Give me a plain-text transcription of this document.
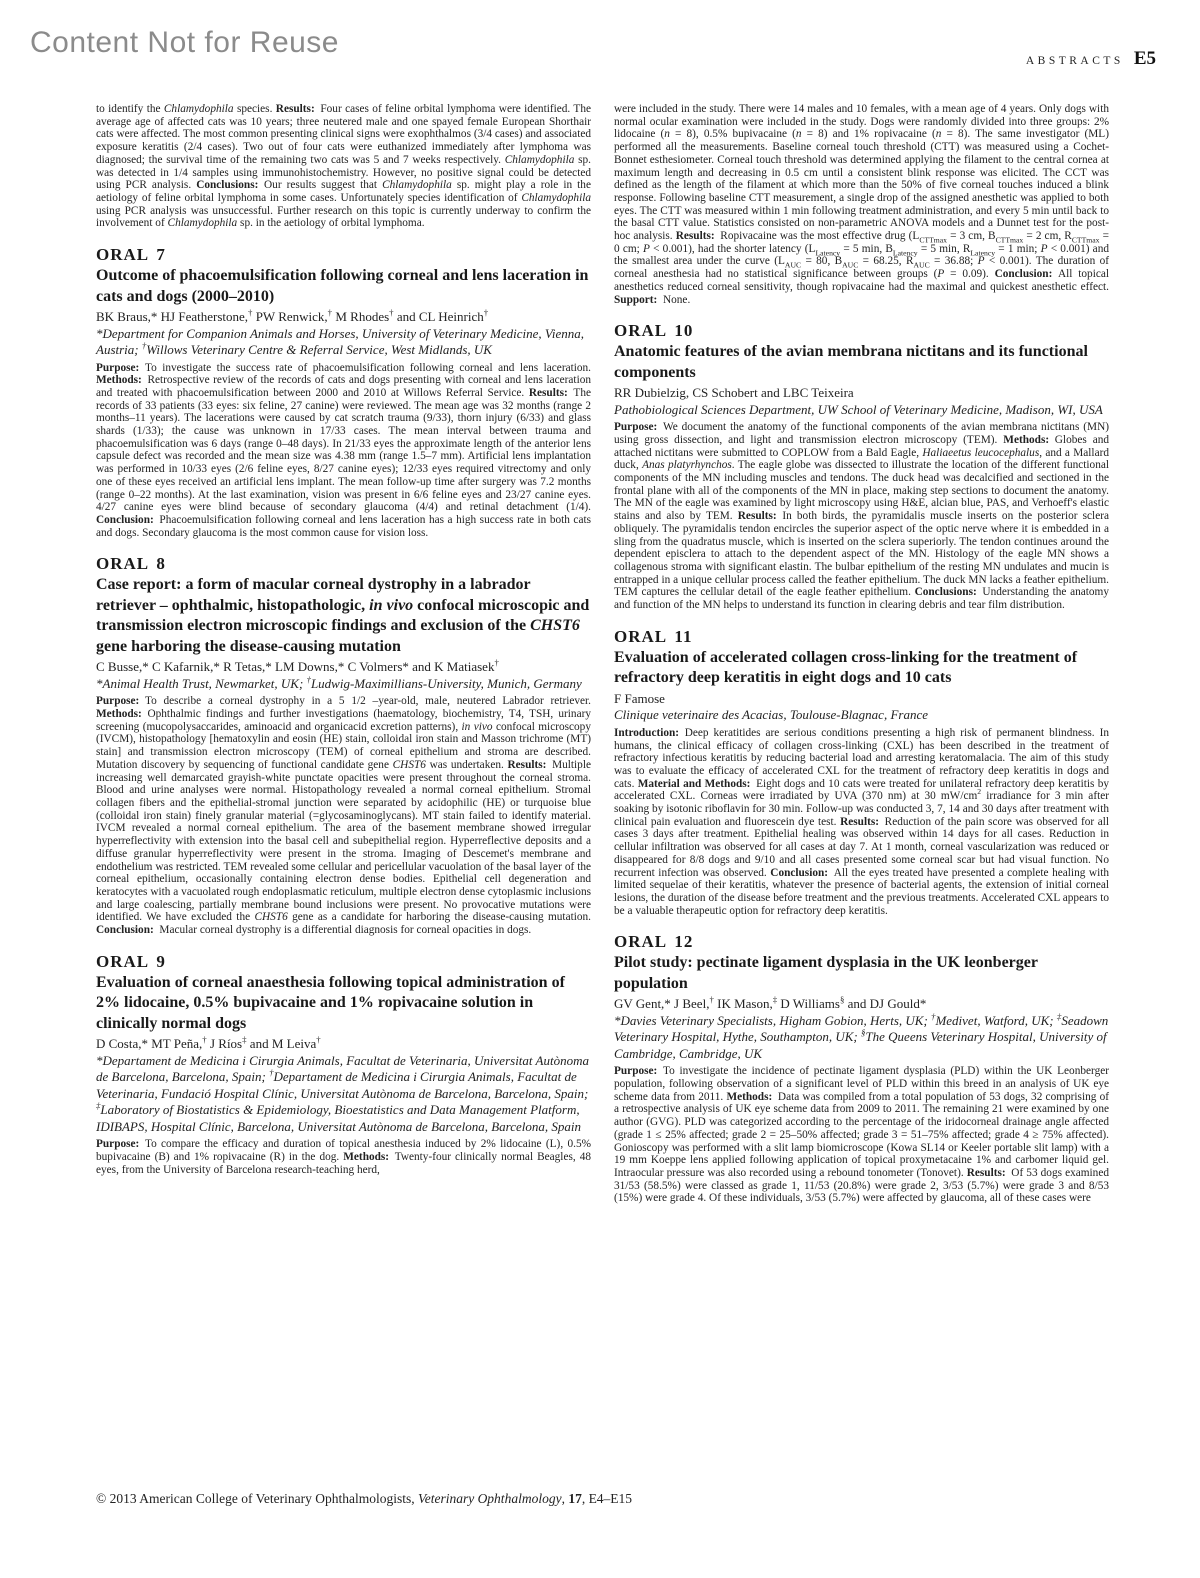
Content Not for Reuse
ABSTRACTS E5

to identify the Chlamydophila species. Results: Four cases of feline orbital lymphoma were identified. The average age of affected cats was 10 years; three neutered male and one spayed female European Shorthair cats were affected. The most common presenting clinical signs were exophthalmos (3/4 cases) and associated exposure keratitis (2/4 cases). Two out of four cats were euthanized immediately after lymphoma was diagnosed; the survival time of the remaining two cats was 5 and 7 weeks respectively. Chlamydophila sp. was detected in 1/4 samples using immunohistochemistry. However, no positive signal could be detected using PCR analysis. Conclusions: Our results suggest that Chlamydophila sp. might play a role in the aetiology of feline orbital lymphoma in some cases. Unfortunately species identification of Chlamydophila using PCR analysis was unsuccessful. Further research on this topic is currently underway to confirm the involvement of Chlamydophila sp. in the aetiology of orbital lymphoma.

ORAL 7

Outcome of phacoemulsification following corneal and lens laceration in cats and dogs (2000–2010)

BK Braus,* HJ Featherstone,† PW Renwick,† M Rhodes† and CL Heinrich†

*Department for Companion Animals and Horses, University of Veterinary Medicine, Vienna, Austria; †Willows Veterinary Centre & Referral Service, West Midlands, UK

Purpose: To investigate the success rate of phacoemulsification following corneal and lens laceration. Methods: Retrospective review of the records of cats and dogs presenting with corneal and lens laceration and treated with phacoemulsification between 2000 and 2010 at Willows Referral Service. Results: The records of 33 patients (33 eyes: six feline, 27 canine) were reviewed. The mean age was 32 months (range 2 months–11 years). The lacerations were caused by cat scratch trauma (9/33), thorn injury (6/33) and glass shards (1/33); the cause was unknown in 17/33 cases. The mean interval between trauma and phacoemulsification was 6 days (range 0–48 days). In 21/33 eyes the approximate length of the anterior lens capsule defect was recorded and the mean size was 4.38 mm (range 1.5–7 mm). Artificial lens implantation was performed in 10/33 eyes (2/6 feline eyes, 8/27 canine eyes); 12/33 eyes required vitrectomy and only one of these eyes received an artificial lens implant. The mean follow-up time after surgery was 7.2 months (range 0–22 months). At the last examination, vision was present in 6/6 feline eyes and 23/27 canine eyes. 4/27 canine eyes were blind because of secondary glaucoma (4/4) and retinal detachment (1/4). Conclusion: Phacoemulsification following corneal and lens laceration has a high success rate in both cats and dogs. Secondary glaucoma is the most common cause for vision loss.

ORAL 8

Case report: a form of macular corneal dystrophy in a labrador retriever – ophthalmic, histopathologic, in vivo confocal microscopic and transmission electron microscopic findings and exclusion of the CHST6 gene harboring the disease-causing mutation

C Busse,* C Kafarnik,* R Tetas,* LM Downs,* C Volmers* and K Matiasek†

*Animal Health Trust, Newmarket, UK; †Ludwig-Maximillians-University, Munich, Germany

Purpose: To describe a corneal dystrophy in a 5 1/2 –year-old, male, neutered Labrador retriever. Methods: Ophthalmic findings and further investigations (haematology, biochemistry, T4, TSH, urinary screening (mucopolysaccarides, aminoacid and organicacid excretion patterns), in vivo confocal microscopy (IVCM), histopathology [hematoxylin and eosin (HE) stain, colloidal iron stain and Masson trichrome (MT) stain] and transmission electron microscopy (TEM) of corneal epithelium and stroma are described. Mutation discovery by sequencing of functional candidate gene CHST6 was undertaken. Results: Multiple increasing well demarcated grayish-white punctate opacities were present throughout the corneal stroma. Blood and urine analyses were normal. Histopathology revealed a normal corneal epithelium. Stromal collagen fibers and the epithelial-stromal junction were separated by acidophilic (HE) or turquoise blue (colloidal iron stain) finely granular material (=glycosaminoglycans). MT stain failed to identify material. IVCM revealed a normal corneal epithelium. The area of the basement membrane showed irregular hyperreflectivity with extension into the basal cell and subepithelial region. Hyperreflective deposits and a diffuse granular hyperreflectivity were present in the stroma. Imaging of Descemet's membrane and endothelium was restricted. TEM revealed some cellular and pericellular vacuolation of the basal layer of the corneal epithelium, occasionally containing electron dense bodies. Epithelial cell degeneration and keratocytes with a vacuolated rough endoplasmatic reticulum, multiple electron dense cytoplasmic inclusions and large coalescing, partially membrane bound inclusions were present. No provocative mutations were identified. We have excluded the CHST6 gene as a candidate for harboring the disease-causing mutation. Conclusion: Macular corneal dystrophy is a differential diagnosis for corneal opacities in dogs.

ORAL 9

Evaluation of corneal anaesthesia following topical administration of 2% lidocaine, 0.5% bupivacaine and 1% ropivacaine solution in clinically normal dogs

D Costa,* MT Peña,† J Ríos‡ and M Leiva†

*Departament de Medicina i Cirurgia Animals, Facultat de Veterinaria, Universitat Autònoma de Barcelona, Barcelona, Spain; †Departament de Medicina i Cirurgia Animals, Facultat de Veterinaria, Fundació Hospital Clínic, Universitat Autònoma de Barcelona, Barcelona, Spain; ‡Laboratory of Biostatistics & Epidemiology, Bioestatistics and Data Management Platform, IDIBAPS, Hospital Clínic, Barcelona, Universitat Autònoma de Barcelona, Barcelona, Spain

Purpose: To compare the efficacy and duration of topical anesthesia induced by 2% lidocaine (L), 0.5% bupivacaine (B) and 1% ropivacaine (R) in the dog. Methods: Twenty-four clinically normal Beagles, 48 eyes, from the University of Barcelona research-teaching herd,

were included in the study. There were 14 males and 10 females, with a mean age of 4 years. Only dogs with normal ocular examination were included in the study. Dogs were randomly divided into three groups: 2% lidocaine (n = 8), 0.5% bupivacaine (n = 8) and 1% ropivacaine (n = 8). The same investigator (ML) performed all the measurements. Baseline corneal touch threshold (CTT) was measured using a Cochet-Bonnet esthesiometer. Corneal touch threshold was determined applying the filament to the central cornea at maximum length and decreasing in 0.5 cm until a consistent blink response was elicited. The CCT was defined as the length of the filament at which more than the 50% of five corneal touches induced a blink response. Following baseline CTT measurement, a single drop of the assigned anesthetic was applied to both eyes. The CTT was measured within 1 min following treatment administration, and every 5 min until back to the basal CTT value. Statistics consisted on non-parametric ANOVA models and a Dunnet test for the post-hoc analysis. Results: Ropivacaine was the most effective drug ($L_{CTTmax} = 3$ cm, $B_{CTTmax} = 2$ cm, $R_{CTTmax} = 0$ cm; P < 0.001), had the shorter latency ($L_{Latency} = 5$ min, $B_{Latency} = 5$ min, $R_{Latency} = 1$ min; P < 0.001) and the smallest area under the curve ($L_{AUC} = 80$, $B_{AUC} = 68.25$, $R_{AUC} = 36.88$; P < 0.001). The duration of corneal anesthesia had no statistical significance between groups (P = 0.09). Conclusion: All topical anesthetics reduced corneal sensitivity, though ropivacaine had the maximal and quickest anesthetic effect. Support: None.

ORAL 10

Anatomic features of the avian membrana nictitans and its functional components

RR Dubielzig, CS Schobert and LBC Teixeira

Pathobiological Sciences Department, UW School of Veterinary Medicine, Madison, WI, USA

Purpose: We document the anatomy of the functional components of the avian membrana nictitans (MN) using gross dissection, and light and transmission electron microscopy (TEM). Methods: Globes and attached nictitans were submitted to COPLOW from a Bald Eagle, Haliaeetus leucocephalus, and a Mallard duck, Anas platyrhynchos. The eagle globe was dissected to illustrate the location of the different functional components of the MN including muscles and tendons. The duck head was decalcified and sectioned in the frontal plane with all of the components of the MN in place, making step sections to document the anatomy. The MN of the eagle was examined by light microscopy using H&E, alcian blue, PAS, and Verhoeff's elastic stains and also by TEM. Results: In both birds, the pyramidalis muscle inserts on the posterior sclera obliquely. The pyramidalis tendon encircles the superior aspect of the optic nerve where it is embedded in a sling from the quadratus muscle, which is inserted on the sclera superiorly. The tendon continues around the dependent episclera to attach to the dependent aspect of the MN. Histology of the eagle MN shows a collagenous stroma with significant elastin. The bulbar epithelium of the resting MN undulates and mucin is entrapped in a unique cellular process called the feather epithelium. The duck MN lacks a feather epithelium. TEM captures the cellular detail of the eagle feather epithelium. Conclusions: Understanding the anatomy and function of the MN helps to understand its function in clearing debris and tear film distribution.

ORAL 11

Evaluation of accelerated collagen cross-linking for the treatment of refractory deep keratitis in eight dogs and 10 cats

F Famose

Clinique veterinaire des Acacias, Toulouse-Blagnac, France

Introduction: Deep keratitides are serious conditions presenting a high risk of permanent blindness. In humans, the clinical efficacy of collagen cross-linking (CXL) has been described in the treatment of refractory infectious keratitis by reducing bacterial load and arresting keratomalacia. The aim of this study was to evaluate the efficacy of accelerated CXL for the treatment of refractory deep keratitis in dogs and cats. Material and Methods: Eight dogs and 10 cats were treated for unilateral refractory deep keratitis by accelerated CXL. Corneas were irradiated by UVA (370 nm) at 30 $mW/cm^2$ irradiance for 3 min after soaking by isotonic riboflavin for 30 min. Follow-up was conducted 3, 7, 14 and 30 days after treatment with clinical pain evaluation and fluorescein dye test. Results: Reduction of the pain score was observed for all cases 3 days after treatment. Epithelial healing was observed within 14 days for all cases. Reduction in cellular infiltration was observed for all cases at day 7. At 1 month, corneal vascularization was reduced or disappeared for 8/8 dogs and 9/10 and all cases presented some corneal scar but had visual function. No recurrent infection was observed. Conclusion: All the eyes treated have presented a complete healing with limited sequelae of their keratitis, whatever the presence of bacterial agents, the extension of initial corneal lesions, the duration of the disease before treatment and the previous treatments. Accelerated CXL appears to be a valuable therapeutic option for refractory deep keratitis.

ORAL 12

Pilot study: pectinate ligament dysplasia in the UK leonberger population

GV Gent,* J Beel,† IK Mason,‡ D Williams§ and DJ Gould*

*Davies Veterinary Specialists, Higham Gobion, Herts, UK; †Medivet, Watford, UK; ‡Seadown Veterinary Hospital, Hythe, Southampton, UK; §The Queens Veterinary Hospital, University of Cambridge, Cambridge, UK

Purpose: To investigate the incidence of pectinate ligament dysplasia (PLD) within the UK Leonberger population, following observation of a significant level of PLD within this breed in an analysis of UK eye scheme data from 2011. Methods: Data was compiled from a total population of 53 dogs, 32 comprising of a retrospective analysis of UK eye scheme data from 2009 to 2011. The remaining 21 were examined by one author (GVG). PLD was categorized according to the percentage of the iridocorneal drainage angle affected (grade 1 ≤ 25% affected; grade 2 = 25–50% affected; grade 3 = 51–75% affected; grade 4 ≥ 75% affected). Gonioscopy was performed with a slit lamp biomicroscope (Kowa SL14 or Keeler portable slit lamp) with a 19 mm Koeppe lens applied following application of topical proxymetacaine 1% and carbomer liquid gel. Intraocular pressure was also recorded using a rebound tonometer (Tonovet). Results: Of 53 dogs examined 31/53 (58.5%) were classed as grade 1, 11/53 (20.8%) were grade 2, 3/53 (5.7%) were grade 3 and 8/53 (15%) were grade 4. Of these individuals, 3/53 (5.7%) were affected by glaucoma, all of these cases were

© 2013 American College of Veterinary Ophthalmologists, Veterinary Ophthalmology, 17, E4–E15
